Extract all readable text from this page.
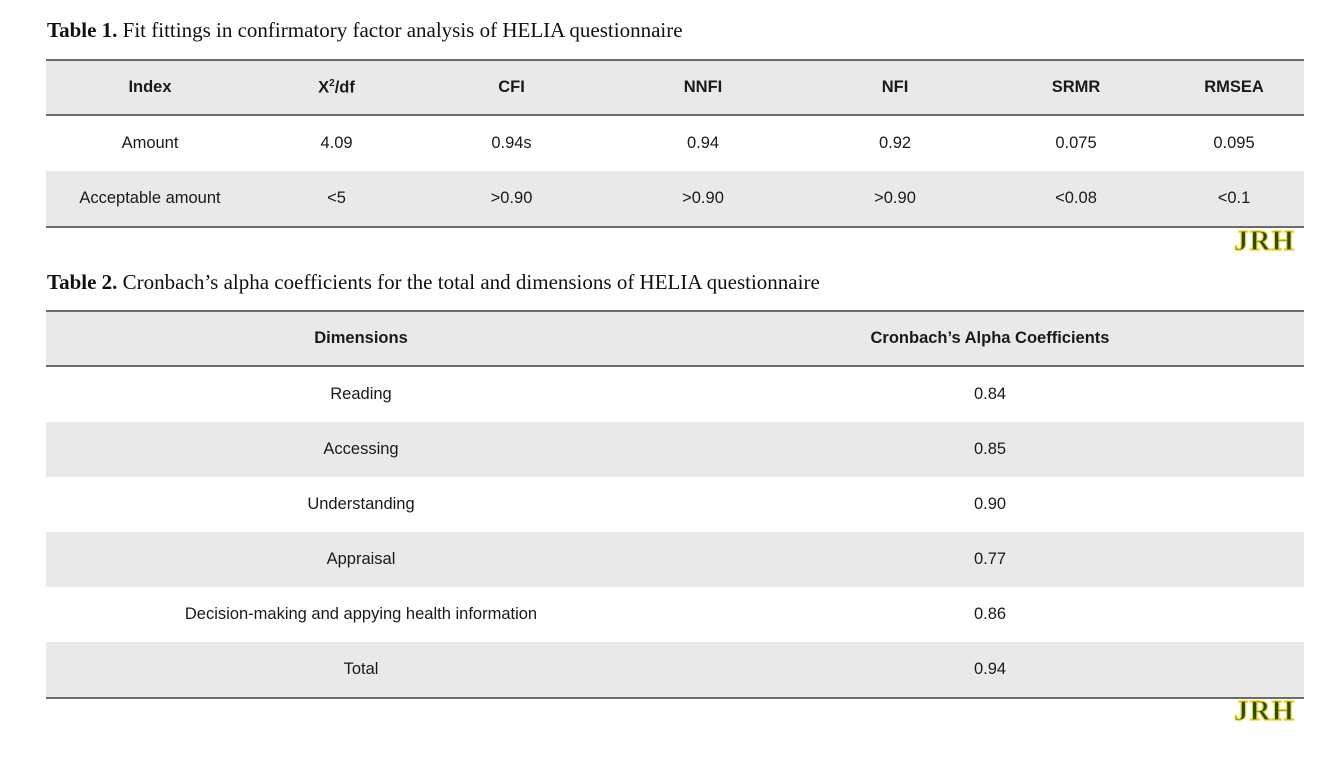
Table 1. Fit fittings in confirmatory factor analysis of HELIA questionnaire
Index	$X^2/df$	CFI	NNFI	NFI	SRMR	RMSEA
Amount	4.09	0.94s	0.94	0.92	0.075	0.095
Acceptable amount	<5	>0.90	>0.90	>0.90	<0.08	<0.1
JRH
Table 2. Cronbach’s alpha coefficients for the total and dimensions of HELIA questionnaire
Dimensions	Cronbach’s Alpha Coefficients
Reading	0.84
Accessing	0.85
Understanding	0.90
Appraisal	0.77
Decision-making and appying health information	0.86
Total	0.94
JRH
